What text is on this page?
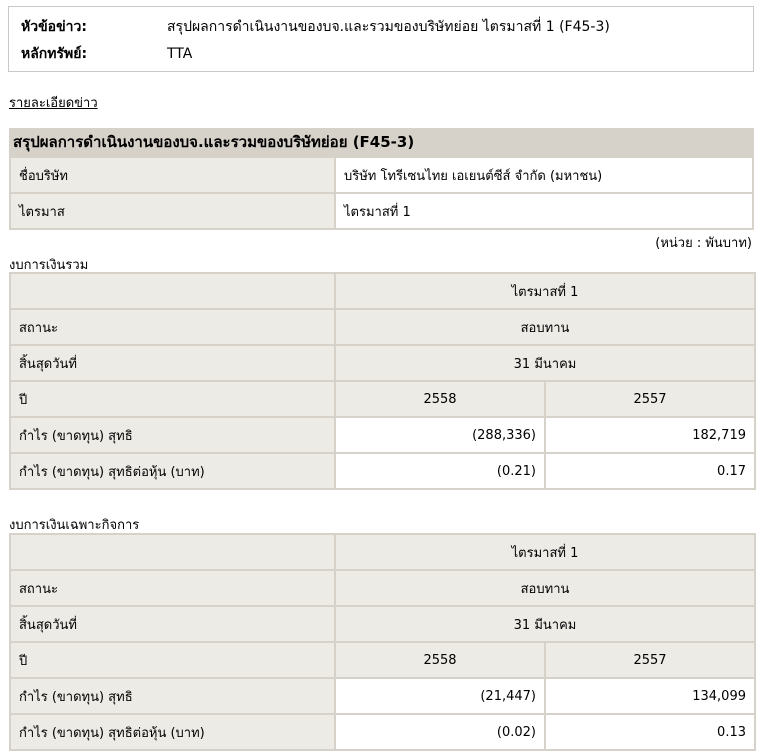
หัวข้อข่าว:	สรุปผลการดำเนินงานของบจ.และรวมของบริษัทย่อย ไตรมาสที่ 1 (F45-3)
หลักทรัพย์:	TTA
รายละเอียดข่าว
สรุปผลการดำเนินงานของบจ.และรวมของบริษัทย่อย (F45-3)
ชื่อบริษัท	บริษัท โทรีเซนไทย เอเยนต์ซีส์ จำกัด (มหาชน)
ไตรมาส	ไตรมาสที่ 1
(หน่วย : พันบาท)
งบการเงินรวม
	ไตรมาสที่ 1	
สถานะ	สอบทาน	
สิ้นสุดวันที่	31 มีนาคม	
ปี	2558	2557
กำไร (ขาดทุน) สุทธิ	(288,336)	182,719
กำไร (ขาดทุน) สุทธิต่อหุ้น (บาท)	(0.21)	0.17
งบการเงินเฉพาะกิจการ
	ไตรมาสที่ 1	
สถานะ	สอบทาน	
สิ้นสุดวันที่	31 มีนาคม	
ปี	2558	2557
กำไร (ขาดทุน) สุทธิ	(21,447)	134,099
กำไร (ขาดทุน) สุทธิต่อหุ้น (บาท)	(0.02)	0.13
